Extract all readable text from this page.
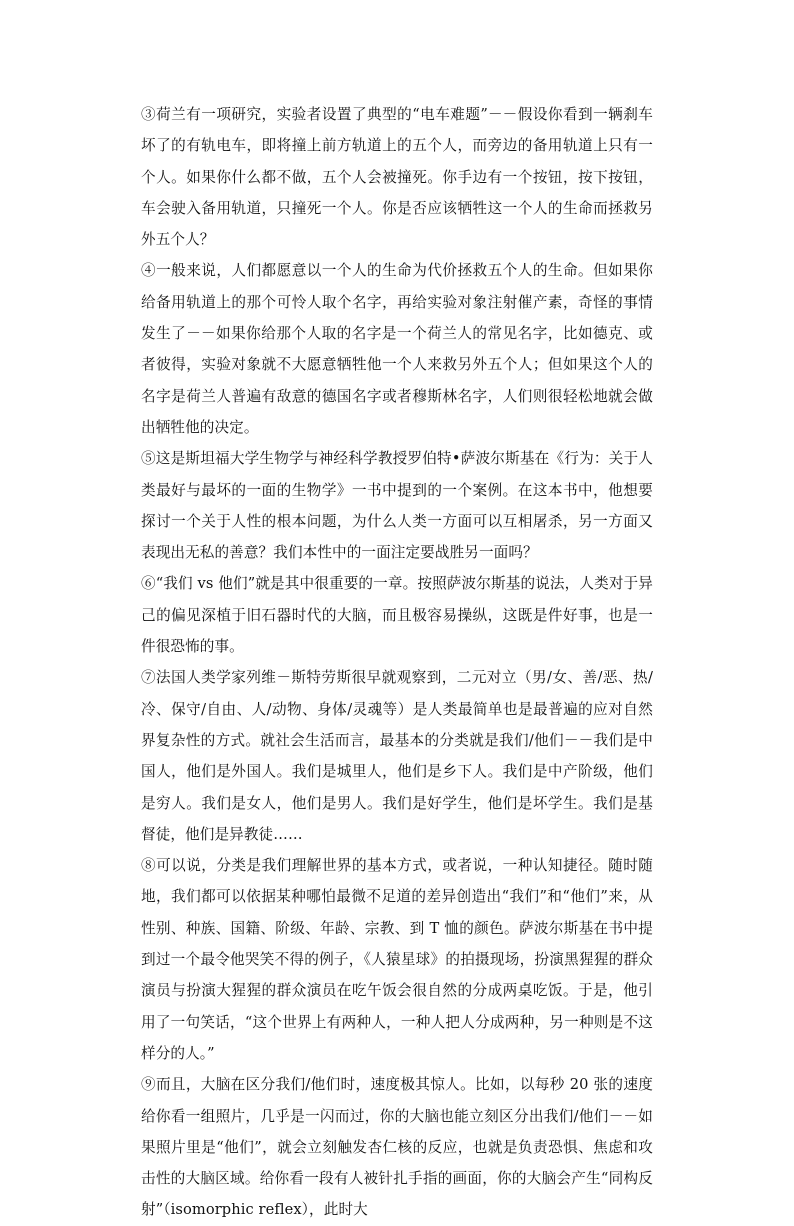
③荷兰有一项研究，实验者设置了典型的“电车难题”－－假设你看到一辆刹车坏了的有轨电车，即将撞上前方轨道上的五个人，而旁边的备用轨道上只有一个人。如果你什么都不做，五个人会被撞死。你手边有一个按钮，按下按钮，车会驶入备用轨道，只撞死一个人。你是否应该牺牲这一个人的生命而拯救另外五个人？

④一般来说，人们都愿意以一个人的生命为代价拯救五个人的生命。但如果你给备用轨道上的那个可怜人取个名字，再给实验对象注射催产素，奇怪的事情发生了－－如果你给那个人取的名字是一个荷兰人的常见名字，比如德克、或者彼得，实验对象就不大愿意牺牲他一个人来救另外五个人；但如果这个人的名字是荷兰人普遍有敌意的德国名字或者穆斯林名字，人们则很轻松地就会做出牺牲他的决定。

⑤这是斯坦福大学生物学与神经科学教授罗伯特•萨波尔斯基在《行为：关于人类最好与最坏的一面的生物学》一书中提到的一个案例。在这本书中，他想要探讨一个关于人性的根本问题，为什么人类一方面可以互相屠杀，另一方面又表现出无私的善意？我们本性中的一面注定要战胜另一面吗？

⑥“我们 vs 他们”就是其中很重要的一章。按照萨波尔斯基的说法，人类对于异己的偏见深植于旧石器时代的大脑，而且极容易操纵，这既是件好事，也是一件很恐怖的事。

⑦法国人类学家列维－斯特劳斯很早就观察到，二元对立（男/女、善/恶、热/冷、保守/自由、人/动物、身体/灵魂等）是人类最简单也是最普遍的应对自然界复杂性的方式。就社会生活而言，最基本的分类就是我们/他们－－我们是中国人，他们是外国人。我们是城里人，他们是乡下人。我们是中产阶级，他们是穷人。我们是女人，他们是男人。我们是好学生，他们是坏学生。我们是基督徒，他们是异教徒……

⑧可以说，分类是我们理解世界的基本方式，或者说，一种认知捷径。随时随地，我们都可以依据某种哪怕最微不足道的差异创造出“我们”和“他们”来，从性别、种族、国籍、阶级、年龄、宗教、到 T 恤的颜色。萨波尔斯基在书中提到过一个最令他哭笑不得的例子，《人猿星球》的拍摄现场，扮演黑猩猩的群众演员与扮演大猩猩的群众演员在吃午饭会很自然的分成两桌吃饭。于是，他引用了一句笑话，“这个世界上有两种人，一种人把人分成两种，另一种则是不这样分的人。”

⑨而且，大脑在区分我们/他们时，速度极其惊人。比如，以每秒 20 张的速度给你看一组照片，几乎是一闪而过，你的大脑也能立刻区分出我们/他们－－如果照片里是“他们”，就会立刻触发杏仁核的反应，也就是负责恐惧、焦虑和攻击性的大脑区域。给你看一段有人被针扎手指的画面，你的大脑会产生“同构反射”（isomorphic reflex），此时大
